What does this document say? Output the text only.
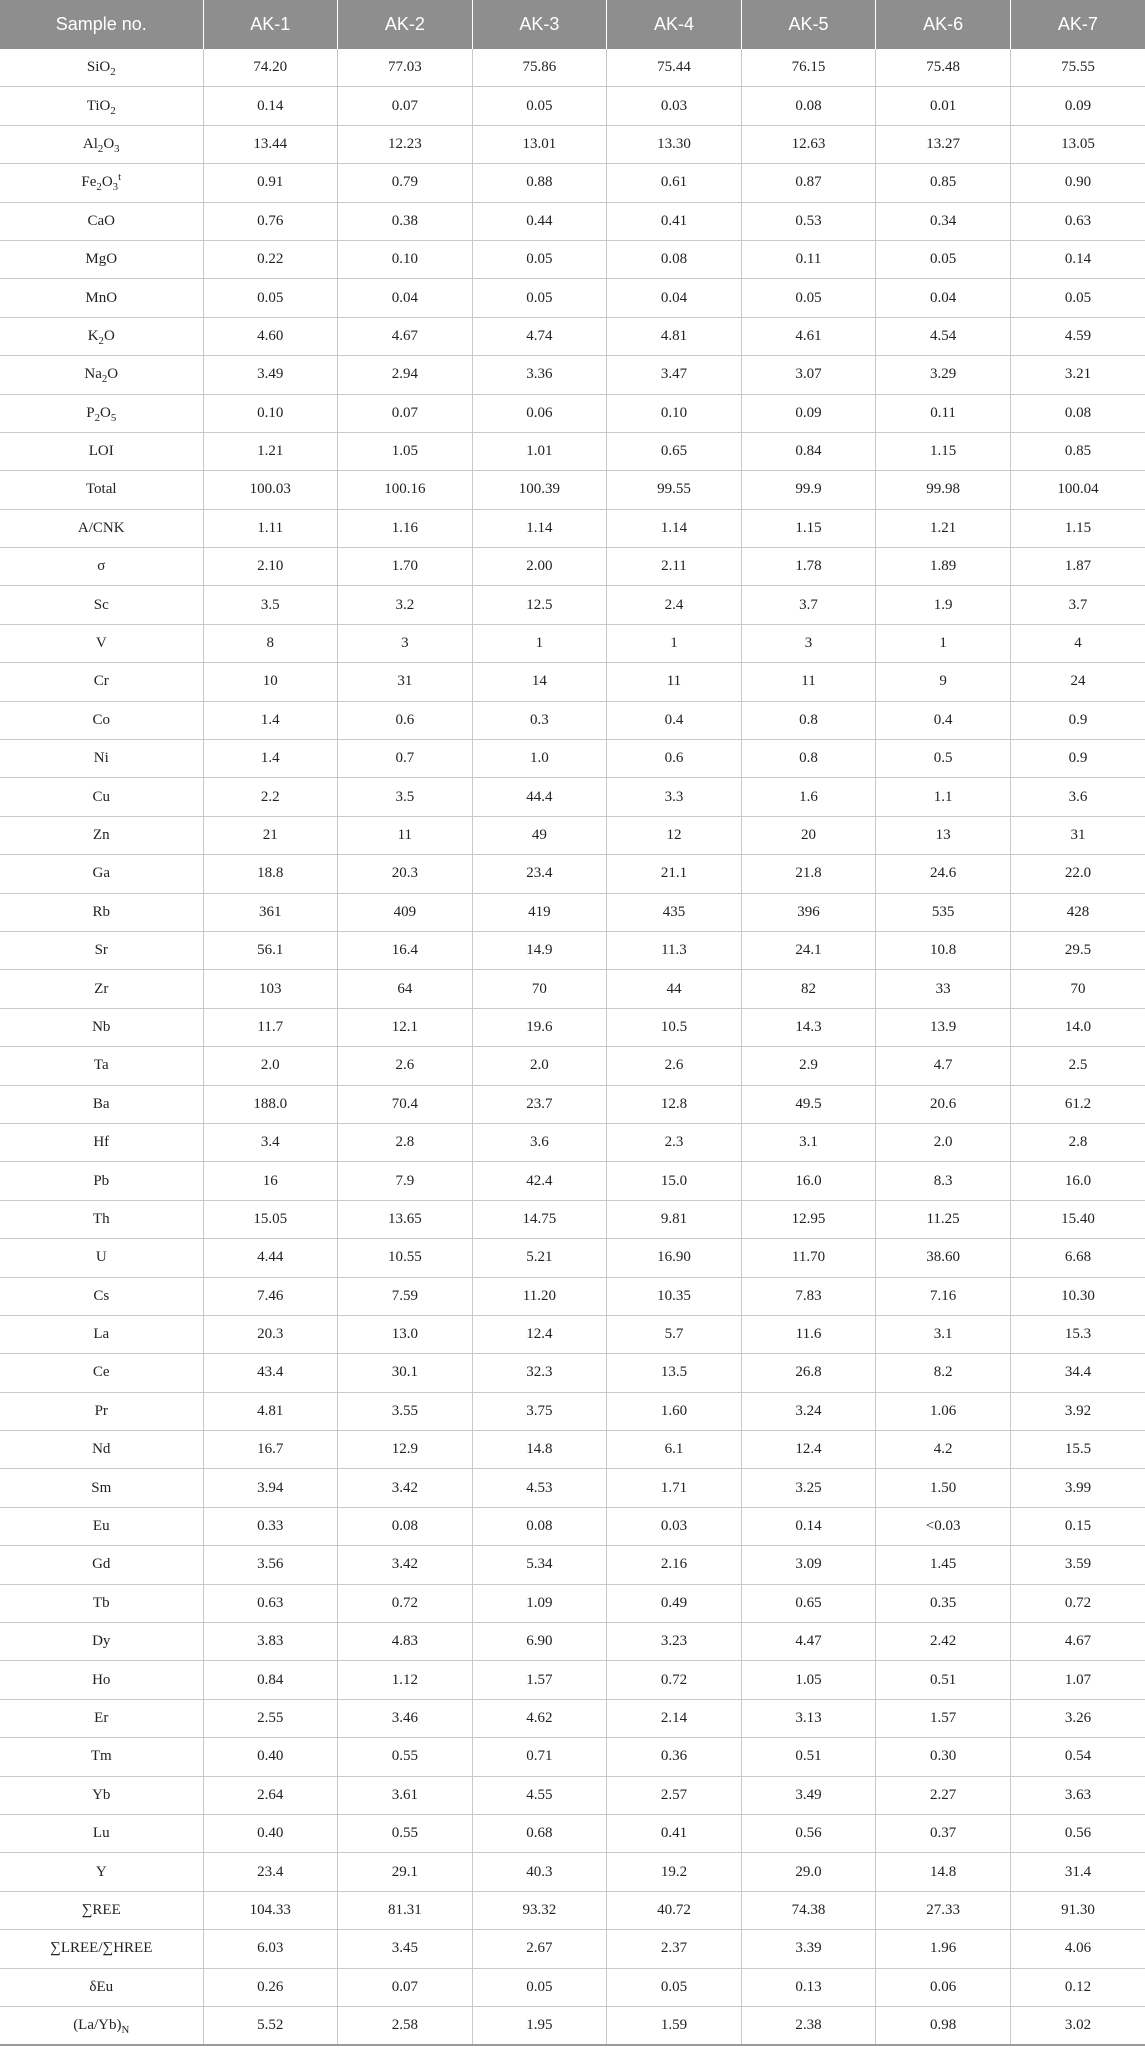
Sample no.	AK-1	AK-2	AK-3	AK-4	AK-5	AK-6	AK-7
SiO$_2$	74.20	77.03	75.86	75.44	76.15	75.48	75.55
TiO$_2$	0.14	0.07	0.05	0.03	0.08	0.01	0.09
$Al_2O_3$	13.44	12.23	13.01	13.30	12.63	13.27	13.05
$Fe_2O_3^t$	0.91	0.79	0.88	0.61	0.87	0.85	0.90
CaO	0.76	0.38	0.44	0.41	0.53	0.34	0.63
MgO	0.22	0.10	0.05	0.08	0.11	0.05	0.14
MnO	0.05	0.04	0.05	0.04	0.05	0.04	0.05
$K_2O$	4.60	4.67	4.74	4.81	4.61	4.54	4.59
$Na_2O$	3.49	2.94	3.36	3.47	3.07	3.29	3.21
$P_2O_5$	0.10	0.07	0.06	0.10	0.09	0.11	0.08
LOI	1.21	1.05	1.01	0.65	0.84	1.15	0.85
Total	100.03	100.16	100.39	99.55	99.9	99.98	100.04
A/CNK	1.11	1.16	1.14	1.14	1.15	1.21	1.15
σ	2.10	1.70	2.00	2.11	1.78	1.89	1.87
Sc	3.5	3.2	12.5	2.4	3.7	1.9	3.7
V	8	3	1	1	3	1	4
Cr	10	31	14	11	11	9	24
Co	1.4	0.6	0.3	0.4	0.8	0.4	0.9
Ni	1.4	0.7	1.0	0.6	0.8	0.5	0.9
Cu	2.2	3.5	44.4	3.3	1.6	1.1	3.6
Zn	21	11	49	12	20	13	31
Ga	18.8	20.3	23.4	21.1	21.8	24.6	22.0
Rb	361	409	419	435	396	535	428
Sr	56.1	16.4	14.9	11.3	24.1	10.8	29.5
Zr	103	64	70	44	82	33	70
Nb	11.7	12.1	19.6	10.5	14.3	13.9	14.0
Ta	2.0	2.6	2.0	2.6	2.9	4.7	2.5
Ba	188.0	70.4	23.7	12.8	49.5	20.6	61.2
Hf	3.4	2.8	3.6	2.3	3.1	2.0	2.8
Pb	16	7.9	42.4	15.0	16.0	8.3	16.0
Th	15.05	13.65	14.75	9.81	12.95	11.25	15.40
U	4.44	10.55	5.21	16.90	11.70	38.60	6.68
Cs	7.46	7.59	11.20	10.35	7.83	7.16	10.30
La	20.3	13.0	12.4	5.7	11.6	3.1	15.3
Ce	43.4	30.1	32.3	13.5	26.8	8.2	34.4
Pr	4.81	3.55	3.75	1.60	3.24	1.06	3.92
Nd	16.7	12.9	14.8	6.1	12.4	4.2	15.5
Sm	3.94	3.42	4.53	1.71	3.25	1.50	3.99
Eu	0.33	0.08	0.08	0.03	0.14	<0.03	0.15
Gd	3.56	3.42	5.34	2.16	3.09	1.45	3.59
Tb	0.63	0.72	1.09	0.49	0.65	0.35	0.72
Dy	3.83	4.83	6.90	3.23	4.47	2.42	4.67
Ho	0.84	1.12	1.57	0.72	1.05	0.51	1.07
Er	2.55	3.46	4.62	2.14	3.13	1.57	3.26
Tm	0.40	0.55	0.71	0.36	0.51	0.30	0.54
Yb	2.64	3.61	4.55	2.57	3.49	2.27	3.63
Lu	0.40	0.55	0.68	0.41	0.56	0.37	0.56
Y	23.4	29.1	40.3	19.2	29.0	14.8	31.4
∑REE	104.33	81.31	93.32	40.72	74.38	27.33	91.30
∑LREE/∑HREE	6.03	3.45	2.67	2.37	3.39	1.96	4.06
δEu	0.26	0.07	0.05	0.05	0.13	0.06	0.12
$(La/Yb)_N$	5.52	2.58	1.95	1.59	2.38	0.98	3.02
